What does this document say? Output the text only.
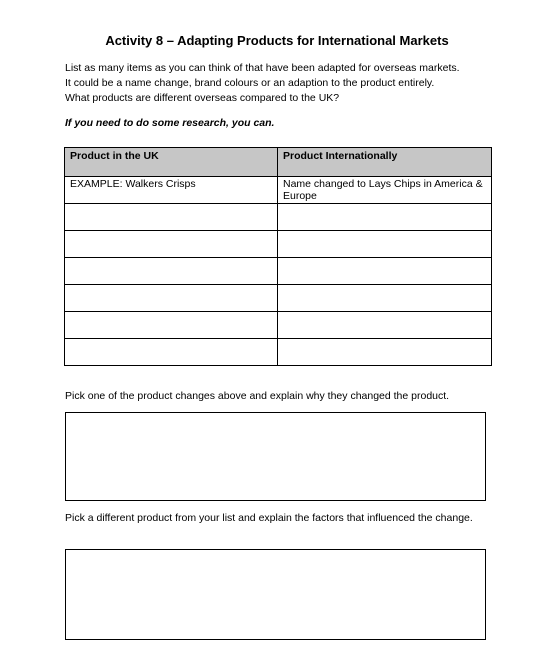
Activity 8 – Adapting Products for International Markets
List as many items as you can think of that have been adapted for overseas markets.
It could be a name change, brand colours or an adaption to the product entirely.
What products are different overseas compared to the UK?
If you need to do some research, you can.
Product in the UK	Product Internationally
EXAMPLE: Walkers Crisps	Name changed to Lays Chips in America & Europe

Pick one of the product changes above and explain why they changed the product.
Pick a different product from your list and explain the factors that influenced the change.
